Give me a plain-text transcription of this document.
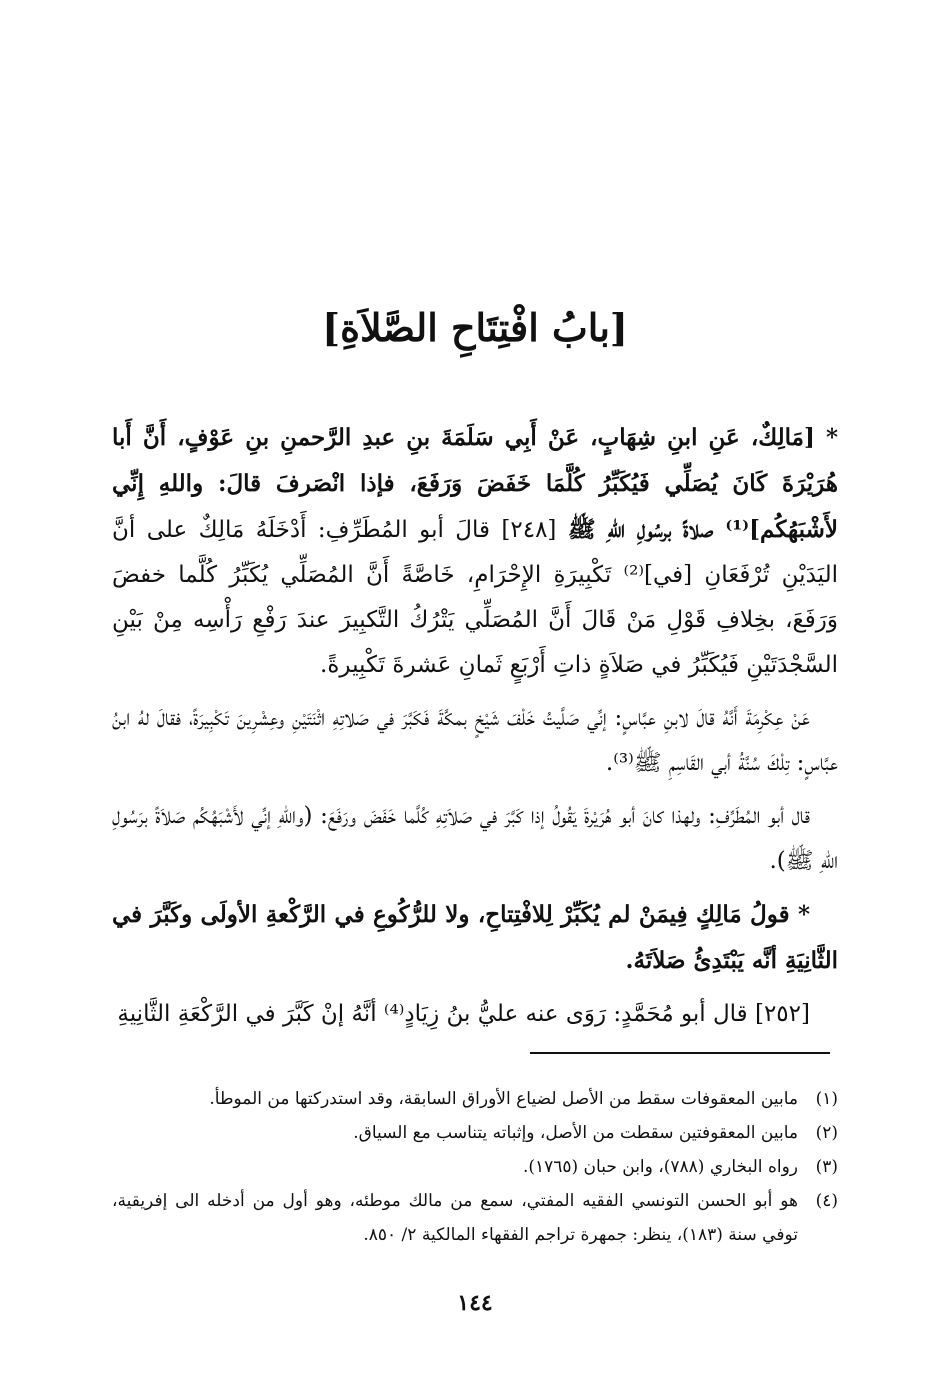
[بابُ افْتِتَاحِ الصَّلاَةِ]

* [مَالِكٌ، عَنِ ابنِ شِهَابٍ، عَنْ أَبِي سَلَمَةَ بنِ عبدِ الرَّحمنِ بنِ عَوْفٍ، أَنَّ أَبا هُرَيْرَةَ كَانَ يُصَلِّي فَيُكَبِّرُ كُلَّمَا خَفَضَ وَرَفَعَ، فإذا انْصَرفَ قالَ: واللهِ إِنِّي لأَشْبَهُكُم]⁽¹⁾ صلاةً برسُولِ اللهِ ﷺ [٢٤٨] قالَ أبو المُطَرِّفِ: أَدْخَلَهُ مَالِكٌ على أنَّ اليَدَيْنِ تُرْفَعَانِ [في]⁽²⁾ تَكْبِيرَةِ الإِحْرَامِ، خَاصَّةً أَنَّ المُصَلِّي يُكَبِّرُ كُلَّما خفضَ وَرَفَعَ، بخِلافِ قَوْلِ مَنْ قَالَ أَنَّ المُصَلِّي يَتْرُكُ التَّكبِيرَ عندَ رَفْعِ رَأْسِه مِنْ بَيْنِ السَّجْدَتَيْنِ فَيُكَبِّرُ في صَلاَةٍ ذاتِ أَرْبَعٍ ثَمانِ عَشرةَ تَكْبِيرةً.

عَنْ عِكْرِمَةَ أَنَّهُ قالَ لابنِ عبَّاسٍ: إنِّي صَلَّيتُ خَلْفَ شَيْخٍ بمكَّةَ فَكَبَّرَ في صَلاتِهِ اثْنَتَيْنِ وعِشْرِينَ تَكْبِيرَةً، فقالَ لهُ ابنُ عبَّاسٍ: تِلْكَ سُنَّةُ أبي القَاسِمِ ﷺ⁽³⁾.

قال أبو المُطَرِّفِ: ولهذا كانَ أبو هُرَيْرةَ يَقُولُ إذا كَبَّرَ في صَلاَتِهِ كُلَّما خَفَضَ ورَفَعَ: (واللهِ إنِّي لأَشْبَهُكُم صَلاَةً برَسُولِ اللهِ ﷺ).

* قولُ مَالِكٍ فِيمَنْ لم يُكَبِّرْ لِلافْتِتاحِ، ولا للرُّكُوعِ في الرَّكْعةِ الأولَى وكَبَّرَ في الثَّانِيَةِ أنَّه يَبْتَدِئُ صَلاَتَهُ.

[٢٥٢] قال أبو مُحَمَّدٍ: رَوَى عنه عليُّ بنُ زِيَادٍ⁽⁴⁾ أنَّهُ إنْ كَبَّرَ في الرَّكْعَةِ الثَّانِيةِ

(١)
مابين المعقوفات سقط من الأصل لضياع الأوراق السابقة، وقد استدركتها من الموطأ.
(٢)
مابين المعقوفتين سقطت من الأصل، وإثباته يتناسب مع السياق.
(٣)
رواه البخاري (٧٨٨)، وابن حبان (١٧٦٥).
(٤)
هو أبو الحسن التونسي الفقيه المفتي، سمع من مالك موطئه، وهو أول من أدخله الى إفريقية، توفي سنة (١٨٣)، ينظر: جمهرة تراجم الفقهاء المالكية ٢/ ٨٥٠.
١٤٤
